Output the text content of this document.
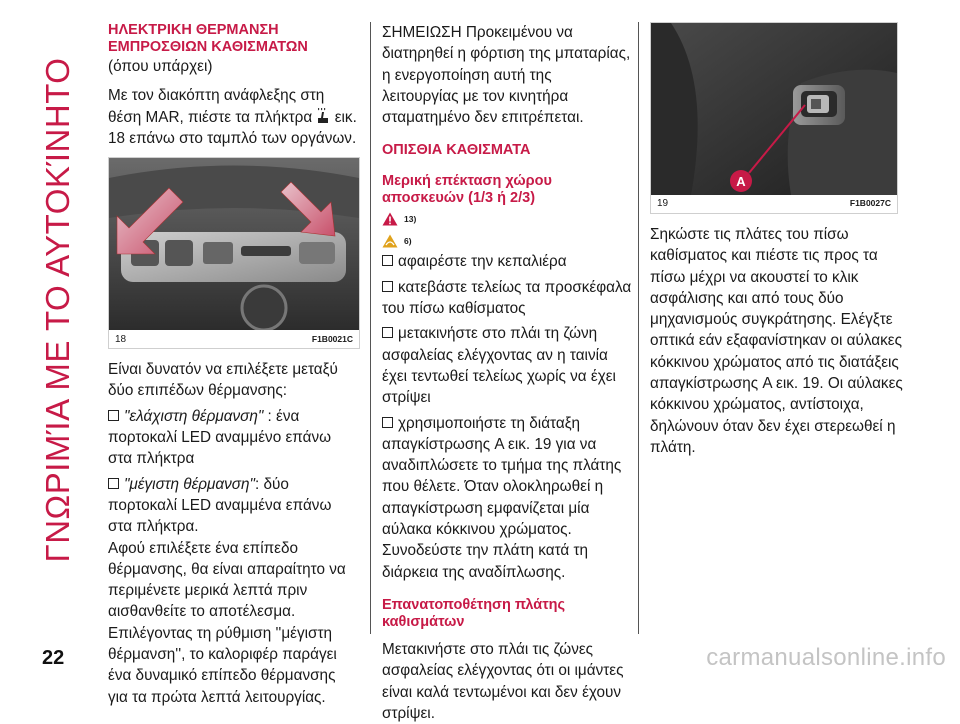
ΓΝΩΡΙΜΊΑ ΜΕ ΤΟ ΑΥΤΟΚΊΝΗΤΟ
ΗΛΕΚΤΡΙΚΗ ΘΕΡΜΑΝΣΗ ΕΜΠΡΟΣΘΙΩΝ ΚΑΘΙΣΜΑΤΩΝ

(όπου υπάρχει)

Με τον διακόπτη ανάφλεξης στη θέση MAR, πιέστε τα πλήκτρα εικ. 18 επάνω στο ταμπλό των οργάνων.

18	F1B0021C

Είναι δυνατόν να επιλέξετε μεταξύ δύο επιπέδων θέρμανσης:

"ελάχιστη θέρμανση" : ένα πορτοκαλί LED αναμμένο επάνω στα πλήκτρα

"μέγιστη θέρμανση": δύο πορτοκαλί LED αναμμένα επάνω στα πλήκτρα.

Αφού επιλέξετε ένα επίπεδο θέρμανσης, θα είναι απαραίτητο να περιμένετε μερικά λεπτά πριν αισθανθείτε το αποτέλεσμα.

Επιλέγοντας τη ρύθμιση ''μέγιστη θέρμανση'', το καλοριφέρ παράγει ένα δυναμικό επίπεδο θέρμανσης για τα πρώτα λεπτά λειτουργίας.

ΣΗΜΕΙΩΣΗ Προκειμένου να διατηρηθεί η φόρτιση της μπαταρίας, η ενεργοποίηση αυτή της λειτουργίας με τον κινητήρα σταματημένο δεν επιτρέπεται.

ΟΠΙΣΘΙΑ ΚΑΘΙΣΜΑΤΑ
Μερική επέκταση χώρου αποσκευών (1/3 ή 2/3)
13)
6)

αφαιρέστε την κεπαλιέρα

κατεβάστε τελείως τα προσκέφαλα του πίσω καθίσματος

μετακινήστε στο πλάι τη ζώνη ασφαλείας ελέγχοντας αν η ταινία έχει τεντωθεί τελείως χωρίς να έχει στρίψει

χρησιμοποιήστε τη διάταξη απαγκίστρωσης A εικ. 19 για να αναδιπλώσετε το τμήμα της πλάτης που θέλετε. Όταν ολοκληρωθεί η απαγκίστρωση εμφανίζεται μία αύλακα κόκκινου χρώματος. Συνοδεύστε την πλάτη κατά τη διάρκεια της αναδίπλωσης.

Επανατοποθέτηση πλάτης καθισμάτων

Μετακινήστε στο πλάι τις ζώνες ασφαλείας ελέγχοντας ότι οι ιμάντες είναι καλά τεντωμένοι και δεν έχουν στρίψει.

A
19	F1B0027C

Σηκώστε τις πλάτες του πίσω καθίσματος και πιέστε τις προς τα πίσω μέχρι να ακουστεί το κλικ ασφάλισης και από τους δύο μηχανισμούς συγκράτησης. Ελέγξτε οπτικά εάν εξαφανίστηκαν οι αύλακες κόκκινου χρώματος από τις διατάξεις απαγκίστρωσης A εικ. 19. Οι αύλακες κόκκινου χρώματος, αντίστοιχα, δηλώνουν όταν δεν έχει στερεωθεί η πλάτη.

22	carmanualsonline.info
